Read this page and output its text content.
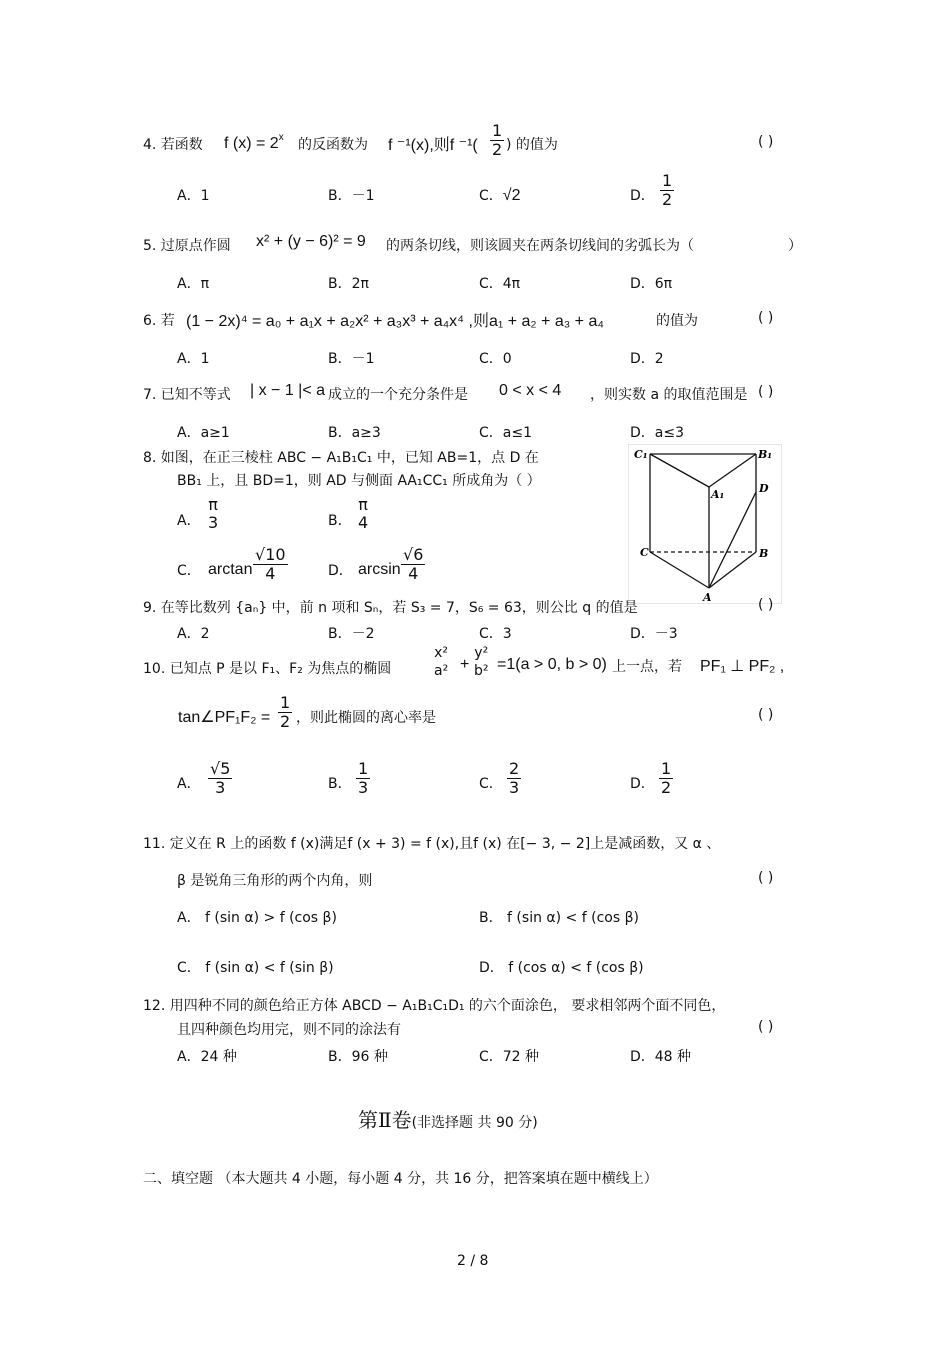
4. 若函数 f $(x) = 2^x$ 的反函数为 f ⁻¹(x),则f $^{-1}( \frac{1}{2}$ ) 的值为	( )
A．1	B．－1	C．√2	D． $\frac{1}{2}$
5. 过原点作圆 x² + (y − 6)² = 9 的两条切线，则该圆夹在两条切线间的劣弧长为（	）
A．π	B．2π	C．4π	D．6π
6. 若 (1 − 2x)⁴ = a₀ + a₁x + a₂x² + a₃x³ + a₄x⁴ ,则a₁ + a₂ + a₃ + a₄	的值为	( )
A．1	B．－1	C．0	D．2
7. 已知不等式 | x − 1 |< a 成立的一个充分条件是 0 < x < 4 ，则实数 a 的取值范围是 ( )
A．a≥1	B．a≥3	C．a≤1	D．a≤3
8. 如图，在正三棱柱 ABC − A₁B₁C₁ 中，已知 AB=1，点 D 在
BB₁ 上，且 BD=1，则 AD 与侧面 AA₁CC₁ 所成角为（ ）
A．
π
3	B．
π
4
C． $\arctan \frac{√10}{4}$	D． $\arcsin \frac{√6}{4}$
C₁	B₁
A₁	D
C	B
A
9. 在等比数列 {aₙ} 中，前 n 项和 Sₙ，若 S₃ = 7，S₆ = 63，则公比 q 的值是	( )
A．2	B．－2	C．3	D．－3
10. 已知点 P 是以 F₁、F₂ 为焦点的椭圆
x²
a² +
y²
b² =1(a > 0, b > 0) 上一点，若 PF₁ ⊥ PF₂ ,
tan∠PF₁F₂ = $\frac{1}{2}$ ，则此椭圆的离心率是	( )
A． $\frac{√5}{3}$	B． $\frac{1}{3}$	C． $\frac{2}{3}$	D． $\frac{1}{2}$
11. 定义在 R 上的函数 f (x)满足f (x + 3) = f (x),且f (x) 在[− 3, − 2]上是减函数，又 α 、
β 是锐角三角形的两个内角，则	( )
A． f (sin α) > f (cos β)	B． f (sin α) < f (cos β)
C． f (sin α) < f (sin β)	D． f (cos α) < f (cos β)
12. 用四种不同的颜色给正方体 ABCD − A₁B₁C₁D₁ 的六个面涂色， 要求相邻两个面不同色，
且四种颜色均用完，则不同的涂法有	( )
A．24 种	B．96 种	C．72 种	D．48 种
第Ⅱ卷(非选择题 共 90 分)
二、填空题 （本大题共 4 小题，每小题 4 分，共 16 分，把答案填在题中横线上）
2 / 8
